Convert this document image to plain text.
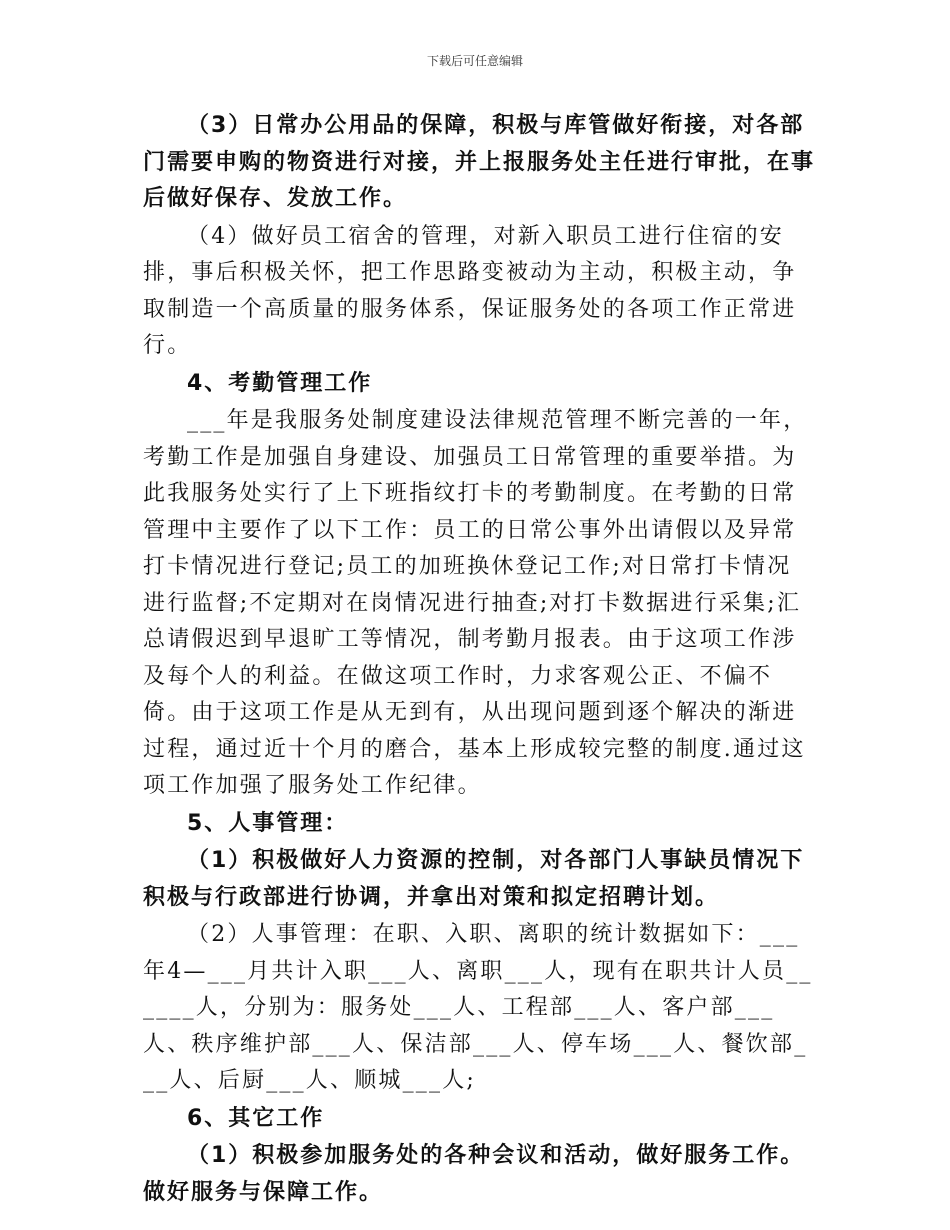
下载后可任意编辑

（3）日常办公用品的保障，积极与库管做好衔接，对各部门需要申购的物资进行对接，并上报服务处主任进行审批，在事后做好保存、发放工作。

（4）做好员工宿舍的管理，对新入职员工进行住宿的安排，事后积极关怀，把工作思路变被动为主动，积极主动，争取制造一个高质量的服务体系，保证服务处的各项工作正常进行。

4、考勤管理工作

___年是我服务处制度建设法律规范管理不断完善的一年，考勤工作是加强自身建设、加强员工日常管理的重要举措。为此我服务处实行了上下班指纹打卡的考勤制度。在考勤的日常管理中主要作了以下工作：员工的日常公事外出请假以及异常打卡情况进行登记;员工的加班换休登记工作;对日常打卡情况进行监督;不定期对在岗情况进行抽查;对打卡数据进行采集;汇总请假迟到早退旷工等情况，制考勤月报表。由于这项工作涉及每个人的利益。在做这项工作时，力求客观公正、不偏不倚。由于这项工作是从无到有，从出现问题到逐个解决的渐进过程，通过近十个月的磨合，基本上形成较完整的制度.通过这项工作加强了服务处工作纪律。

5、人事管理：

（1）积极做好人力资源的控制，对各部门人事缺员情况下积极与行政部进行协调，并拿出对策和拟定招聘计划。

（2）人事管理：在职、入职、离职的统计数据如下：___年4—___月共计入职___人、离职___人，现有在职共计人员______人，分别为：服务处___人、工程部___人、客户部___人、秩序维护部___人、保洁部___人、停车场___人、餐饮部___人、后厨___人、顺城___人;

6、其它工作

（1）积极参加服务处的各种会议和活动，做好服务工作。做好服务与保障工作。
